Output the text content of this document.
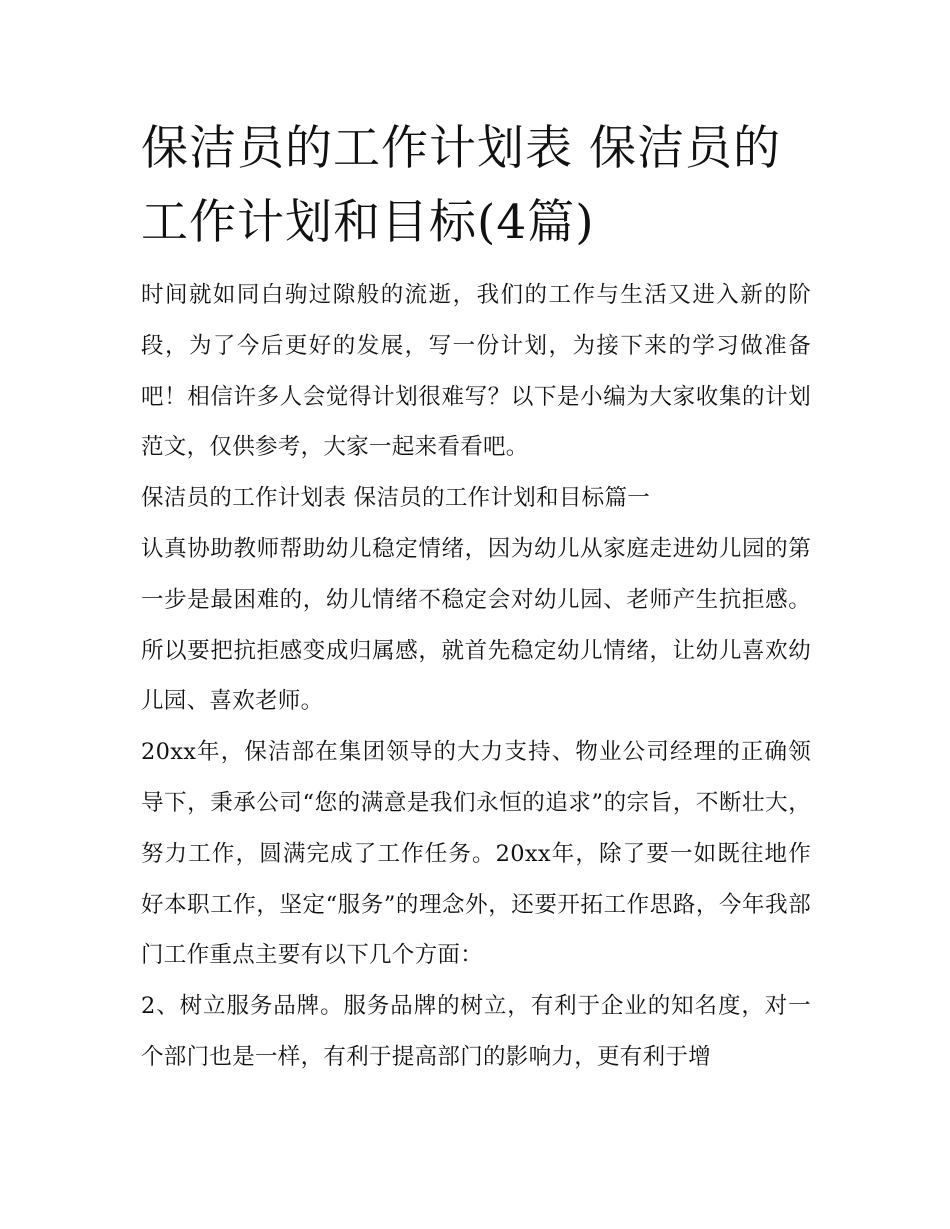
保洁员的工作计划表 保洁员的工作计划和目标(4篇)

时间就如同白驹过隙般的流逝，我们的工作与生活又进入新的阶段，为了今后更好的发展，写一份计划，为接下来的学习做准备吧！相信许多人会觉得计划很难写？以下是小编为大家收集的计划范文，仅供参考，大家一起来看看吧。

保洁员的工作计划表 保洁员的工作计划和目标篇一

认真协助教师帮助幼儿稳定情绪，因为幼儿从家庭走进幼儿园的第一步是最困难的，幼儿情绪不稳定会对幼儿园、老师产生抗拒感。所以要把抗拒感变成归属感，就首先稳定幼儿情绪，让幼儿喜欢幼儿园、喜欢老师。

20xx年，保洁部在集团领导的大力支持、物业公司经理的正确领导下，秉承公司“您的满意是我们永恒的追求”的宗旨，不断壮大，努力工作，圆满完成了工作任务。20xx年，除了要一如既往地作好本职工作，坚定“服务”的理念外，还要开拓工作思路，今年我部门工作重点主要有以下几个方面：

2、树立服务品牌。服务品牌的树立，有利于企业的知名度，对一个部门也是一样，有利于提高部门的影响力，更有利于增
